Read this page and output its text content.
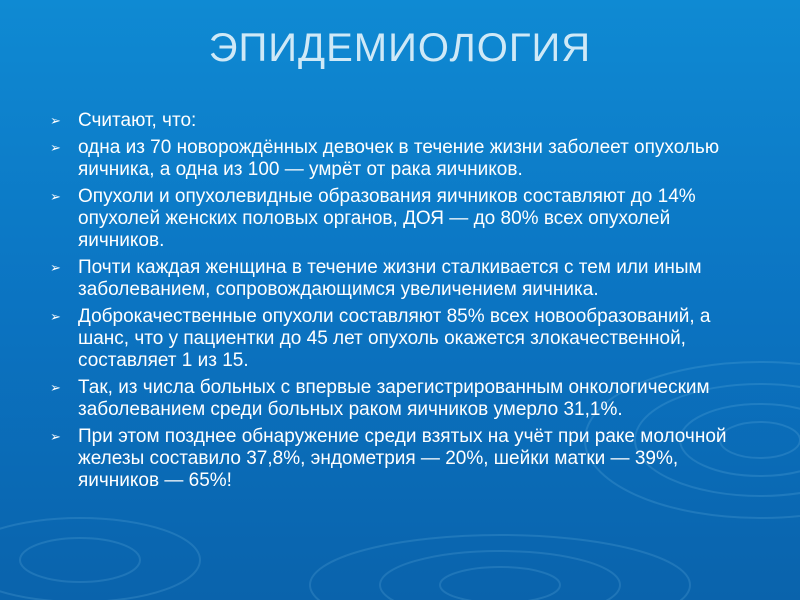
ЭПИДЕМИОЛОГИЯ
➢ Считают, что:
➢ одна из 70 новорождённых девочек в течение жизни заболеет опухолью яичника, а одна из 100 — умрёт от рака яичников.
➢ Опухоли и опухолевидные образования яичников составляют до 14% опухолей женских половых органов, ДОЯ — до 80% всех опухолей яичников.
➢ Почти каждая женщина в течение жизни сталкивается с тем или иным заболеванием, сопровождающимся увеличением яичника.
➢ Доброкачественные опухоли составляют 85% всех новообразований, а шанс, что у пациентки до 45 лет опухоль окажется злокачественной, составляет 1 из 15.
➢ Так, из числа больных с впервые зарегистрированным онкологическим заболеванием среди больных раком яичников умерло 31,1%.
➢ При этом позднее обнаружение среди взятых на учёт при раке молочной железы составило 37,8%, эндометрия — 20%, шейки матки — 39%, яичников — 65%!
